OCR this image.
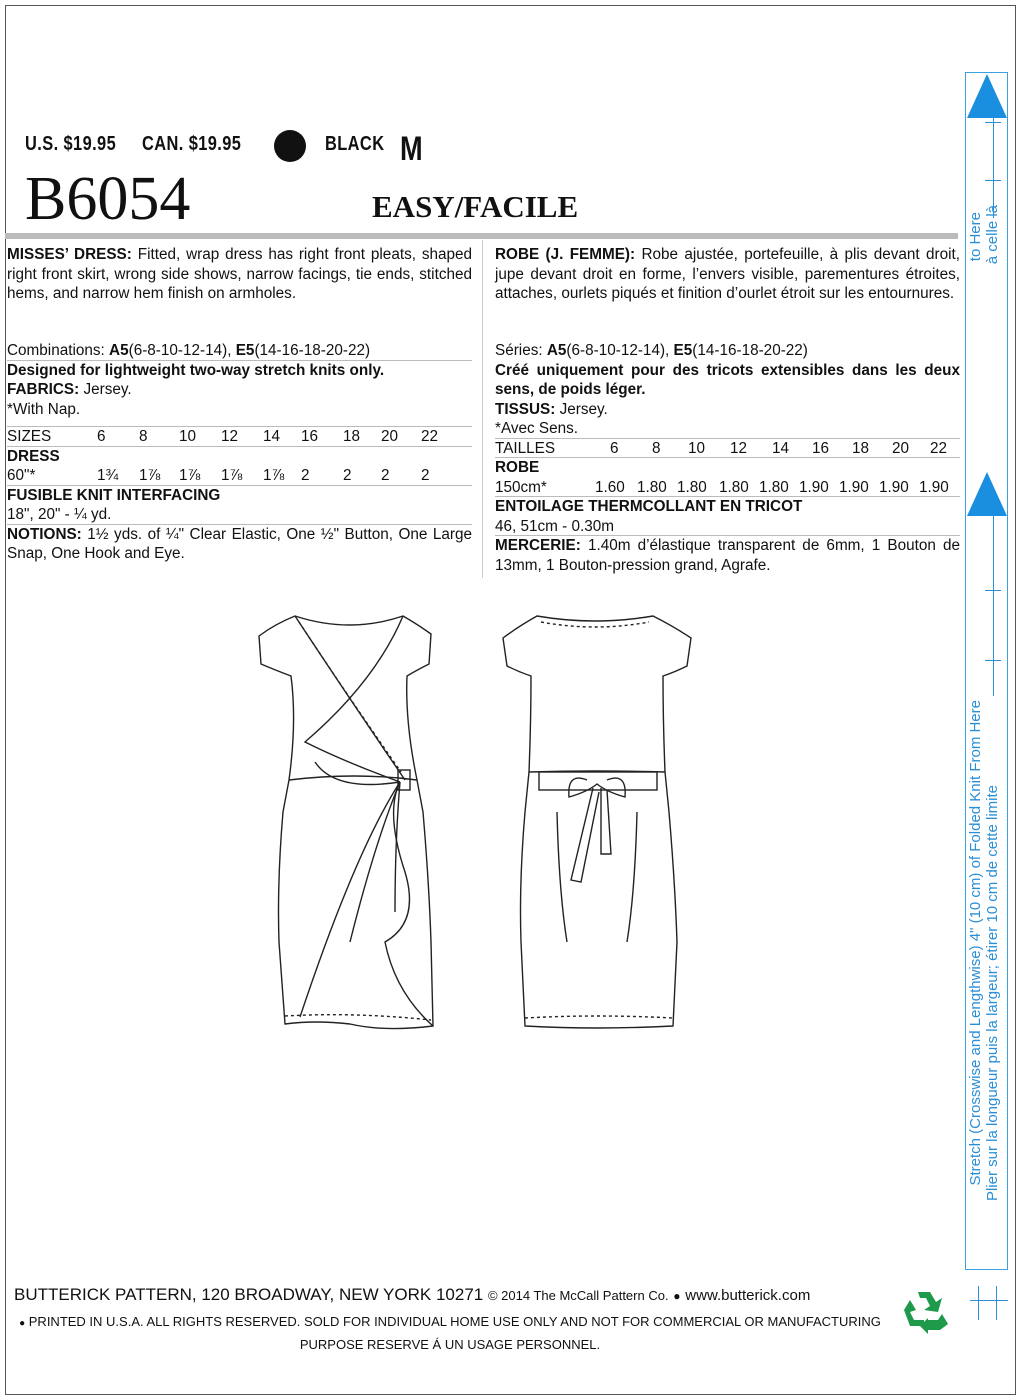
U.S. $19.95 CAN. $19.95	BLACK M
B6054	EASY/FACILE
MISSES’ DRESS: Fitted, wrap dress has right front pleats, shaped right front skirt, wrong side shows, narrow facings, tie ends, stitched hems, and narrow hem finish on armholes.
Combinations: A5(6-8-10-12-14), E5(14-16-18-20-22)
Designed for lightweight two-way stretch knits only.
FABRICS: Jersey.
*With Nap.
SIZES	6	8	10	12	14	16	18	20	22
DRESS
60"*	1¾	1⅞	1⅞	1⅞	1⅞	2	2	2	2
FUSIBLE KNIT INTERFACING
18", 20" - ¼ yd.
NOTIONS: 1½ yds. of ¼" Clear Elastic, One ½" Button, One Large Snap, One Hook and Eye.
ROBE (J. FEMME): Robe ajustée, portefeuille, à plis devant droit, jupe devant droit en forme, l’envers visible, parementures étroites, attaches, ourlets piqués et finition d’ourlet étroit sur les entournures.
Séries: A5(6-8-10-12-14), E5(14-16-18-20-22)
Créé uniquement pour des tricots extensibles dans les deux sens, de poids léger.
TISSUS: Jersey.
*Avec Sens.
TAILLES	6	8	10	12	14	16	18	20	22
ROBE
150cm*	1.60 1.80 1.80 1.80 1.80 1.90 1.90 1.90 1.90
ENTOILAGE THERMCOLLANT EN TRICOT
46, 51cm - 0.30m
MERCERIE: 1.40m d’élastique transparent de 6mm, 1 Bouton de 13mm, 1 Bouton-pression grand, Agrafe.
to Here à celle là
Stretch (Crosswise and Lengthwise) 4" (10 cm) of Folded Knit From Here Plier sur la longueur puis la largeur; étirer 10 cm de cette limite
BUTTERICK PATTERN, 120 BROADWAY, NEW YORK 10271 © 2014 The McCall Pattern Co. ● www.butterick.com
● PRINTED IN U.S.A. ALL RIGHTS RESERVED. SOLD FOR INDIVIDUAL HOME USE ONLY AND NOT FOR COMMERCIAL OR MANUFACTURING PURPOSE RESERVE Á UN USAGE PERSONNEL.
